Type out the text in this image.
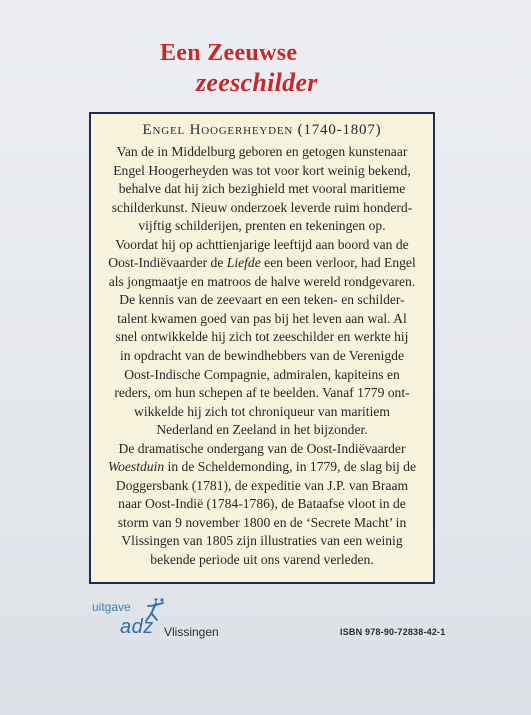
Een Zeeuwse
zeeschilder
Engel Hoogerheyden (1740-1807)
Van de in Middelburg geboren en getogen kunstenaar
Engel Hoogerheyden was tot voor kort weinig bekend,
behalve dat hij zich bezighield met vooral maritieme
schilderkunst. Nieuw onderzoek leverde ruim honderd-
vijftig schilderijen, prenten en tekeningen op.
Voordat hij op achttienjarige leeftijd aan boord van de
Oost-Indiëvaarder de Liefde een been verloor, had Engel
als jongmaatje en matroos de halve wereld rondgevaren.
De kennis van de zeevaart en een teken- en schilder-
talent kwamen goed van pas bij het leven aan wal. Al
snel ontwikkelde hij zich tot zeeschilder en werkte hij
in opdracht van de bewindhebbers van de Verenigde
Oost-Indische Compagnie, admiralen, kapiteins en
reders, om hun schepen af te beelden. Vanaf 1779 ont-
wikkelde hij zich tot chroniqueur van maritiem
Nederland en Zeeland in het bijzonder.
De dramatische ondergang van de Oost-Indiëvaarder
Woestduin in de Scheldemonding, in 1779, de slag bij de
Doggersbank (1781), de expeditie van J.P. van Braam
naar Oost-Indië (1784-1786), de Bataafse vloot in de
storm van 9 november 1800 en de ‘Secrete Macht’ in
Vlissingen van 1805 zijn illustraties van een weinig
bekende periode uit ons varend verleden.
uitgave
adz Vlissingen	ISBN 978-90-72838-42-1
